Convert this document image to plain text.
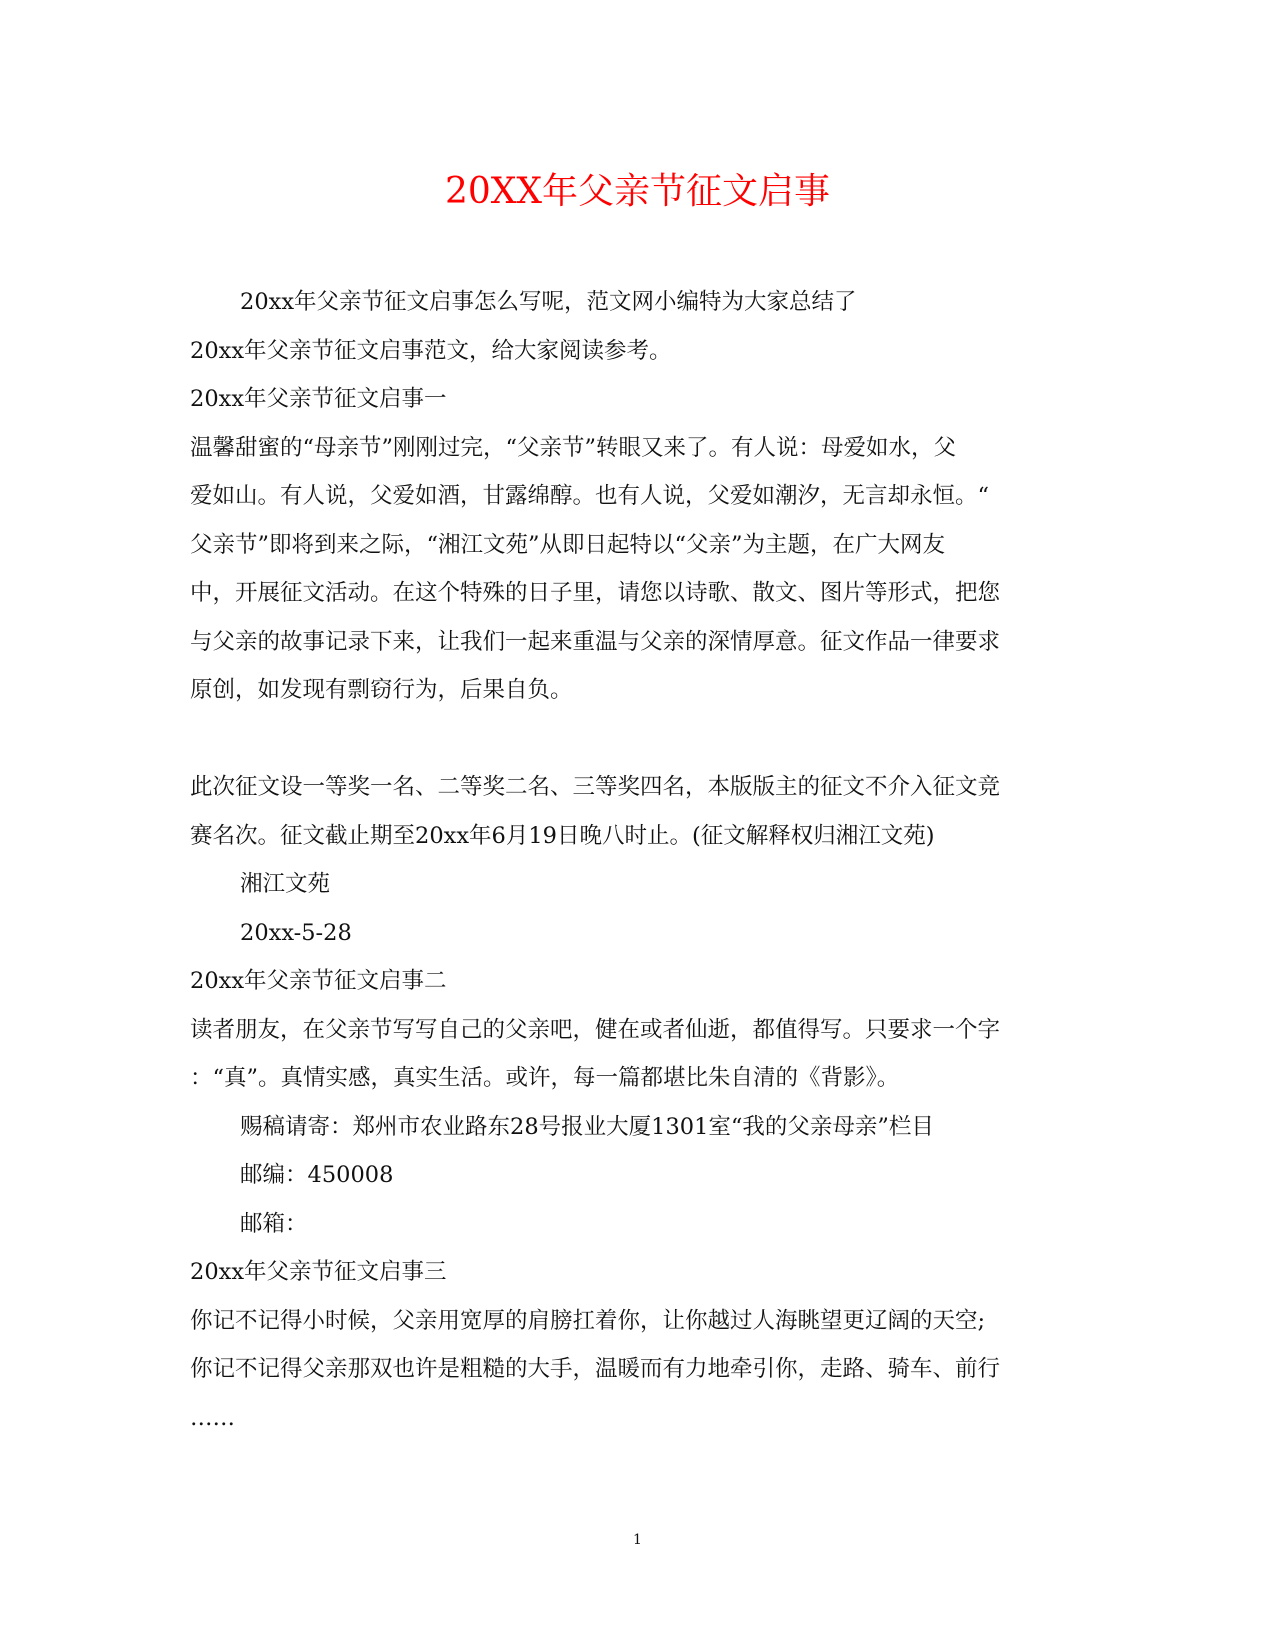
20XX年父亲节征文启事
20xx年父亲节征文启事怎么写呢，范文网小编特为大家总结了
20xx年父亲节征文启事范文，给大家阅读参考。
20xx年父亲节征文启事一
温馨甜蜜的“母亲节”刚刚过完，“父亲节”转眼又来了。有人说：母爱如水，父
爱如山。有人说，父爱如酒，甘露绵醇。也有人说，父爱如潮汐，无言却永恒。“
父亲节”即将到来之际，“湘江文苑”从即日起特以“父亲”为主题，在广大网友
中，开展征文活动。在这个特殊的日子里，请您以诗歌、散文、图片等形式，把您
与父亲的故事记录下来，让我们一起来重温与父亲的深情厚意。征文作品一律要求
原创，如发现有剽窃行为，后果自负。
此次征文设一等奖一名、二等奖二名、三等奖四名，本版版主的征文不介入征文竞
赛名次。征文截止期至20xx年6月19日晚八时止。(征文解释权归湘江文苑)
湘江文苑
20xx-5-28
20xx年父亲节征文启事二
读者朋友，在父亲节写写自己的父亲吧，健在或者仙逝，都值得写。只要求一个字
：“真”。真情实感，真实生活。或许，每一篇都堪比朱自清的《背影》。
赐稿请寄：郑州市农业路东28号报业大厦1301室“我的父亲母亲”栏目
邮编：450008
邮箱：
20xx年父亲节征文启事三
你记不记得小时候，父亲用宽厚的肩膀扛着你，让你越过人海眺望更辽阔的天空;
你记不记得父亲那双也许是粗糙的大手，温暖而有力地牵引你，走路、骑车、前行
……
1
